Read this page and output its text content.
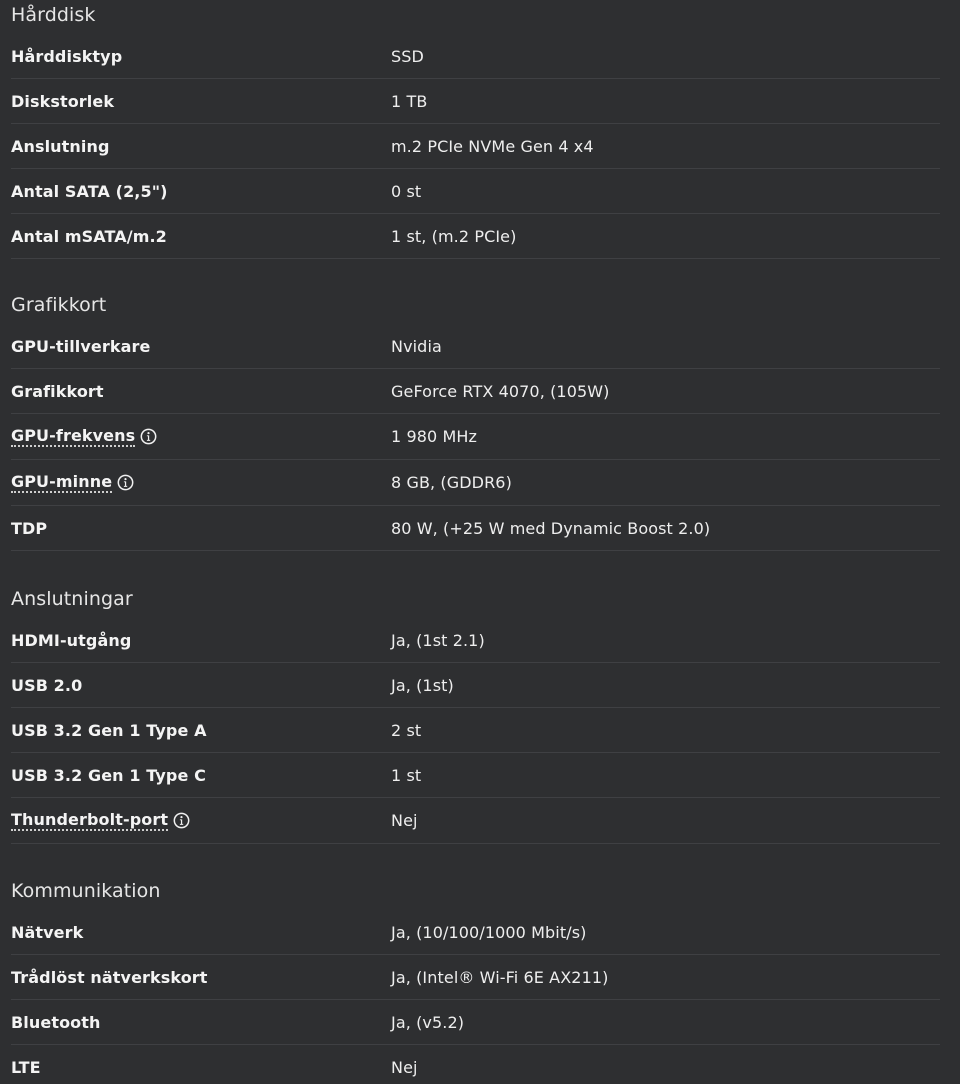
Hårddisk
Hårddisktyp	SSD
Diskstorlek	1 TB
Anslutning	m.2 PCIe NVMe Gen 4 x4
Antal SATA (2,5")	0 st
Antal mSATA/m.2	1 st, (m.2 PCIe)
Grafikkort
GPU-tillverkare	Nvidia
Grafikkort	GeForce RTX 4070, (105W)
GPU-frekvens	1 980 MHz
GPU-minne	8 GB, (GDDR6)
TDP	80 W, (+25 W med Dynamic Boost 2.0)
Anslutningar
HDMI-utgång	Ja, (1st 2.1)
USB 2.0	Ja, (1st)
USB 3.2 Gen 1 Type A	2 st
USB 3.2 Gen 1 Type C	1 st
Thunderbolt-port	Nej
Kommunikation
Nätverk	Ja, (10/100/1000 Mbit/s)
Trådlöst nätverkskort	Ja, (Intel® Wi-Fi 6E AX211)
Bluetooth	Ja, (v5.2)
LTE	Nej
